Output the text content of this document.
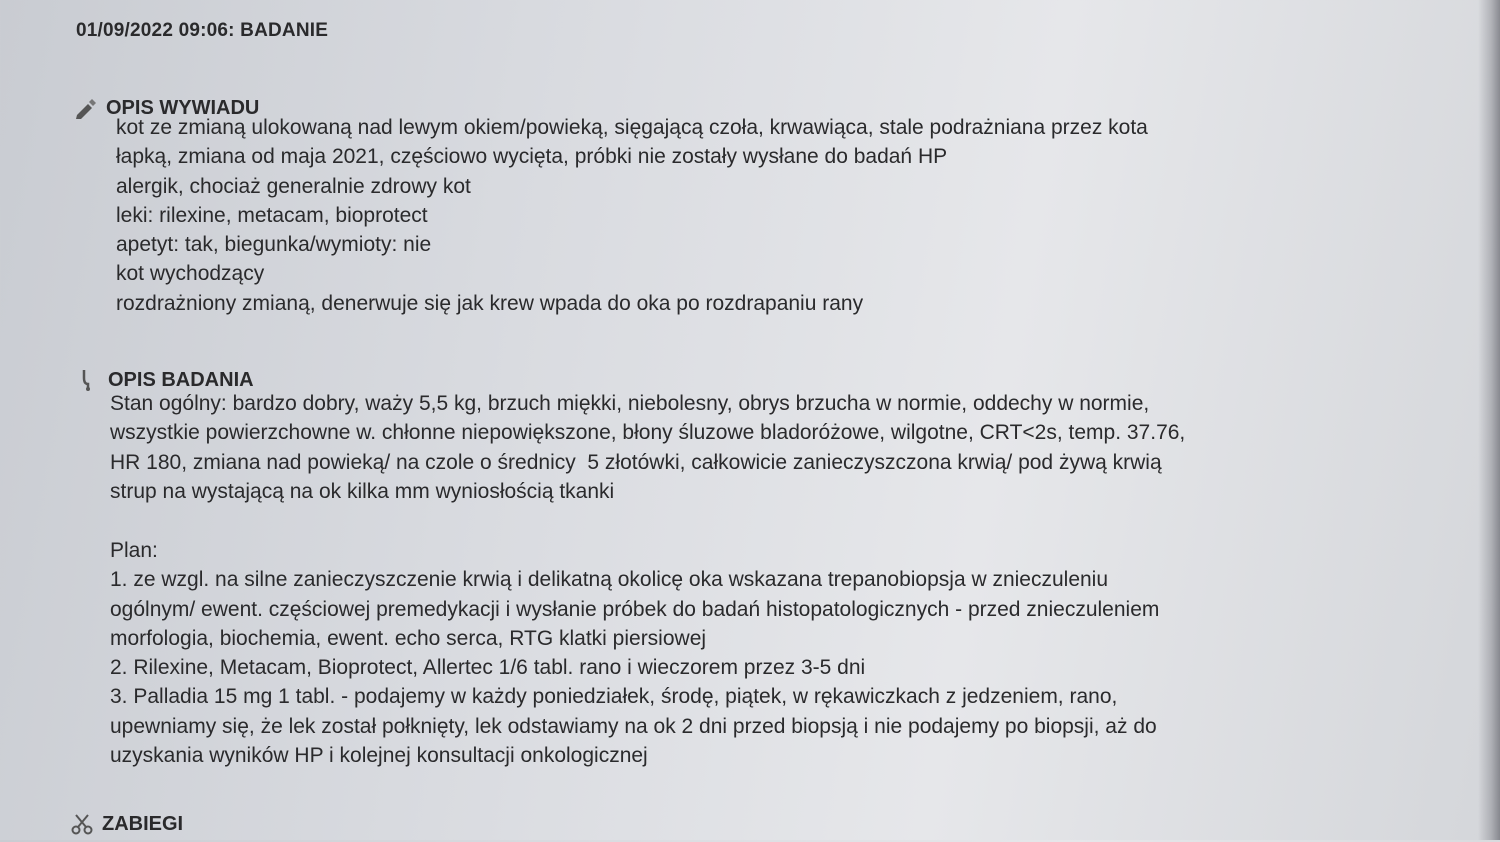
01/09/2022 09:06: BADANIE
OPIS WYWIADU
kot ze zmianą ulokowaną nad lewym okiem/powieką, sięgającą czoła, krwawiąca, stale podrażniana przez kota
łapką, zmiana od maja 2021, częściowo wycięta, próbki nie zostały wysłane do badań HP
alergik, chociaż generalnie zdrowy kot
leki: rilexine, metacam, bioprotect
apetyt: tak, biegunka/wymioty: nie
kot wychodzący
rozdrażniony zmianą, denerwuje się jak krew wpada do oka po rozdrapaniu rany
OPIS BADANIA
Stan ogólny: bardzo dobry, waży 5,5 kg, brzuch miękki, niebolesny, obrys brzucha w normie, oddechy w normie,
wszystkie powierzchowne w. chłonne niepowiększone, błony śluzowe bladoróżowe, wilgotne, CRT<2s, temp. 37.76,
HR 180, zmiana nad powieką/ na czole o średnicy  5 złotówki, całkowicie zanieczyszczona krwią/ pod żywą krwią
strup na wystającą na ok kilka mm wyniosłością tkanki
Plan:
1. ze wzgl. na silne zanieczyszczenie krwią i delikatną okolicę oka wskazana trepanobiopsja w znieczuleniu
ogólnym/ ewent. częściowej premedykacji i wysłanie próbek do badań histopatologicznych - przed znieczuleniem
morfologia, biochemia, ewent. echo serca, RTG klatki piersiowej
2. Rilexine, Metacam, Bioprotect, Allertec 1/6 tabl. rano i wieczorem przez 3-5 dni
3. Palladia 15 mg 1 tabl. - podajemy w każdy poniedziałek, środę, piątek, w rękawiczkach z jedzeniem, rano,
upewniamy się, że lek został połknięty, lek odstawiamy na ok 2 dni przed biopsją i nie podajemy po biopsji, aż do
uzyskania wyników HP i kolejnej konsultacji onkologicznej
ZABIEGI
